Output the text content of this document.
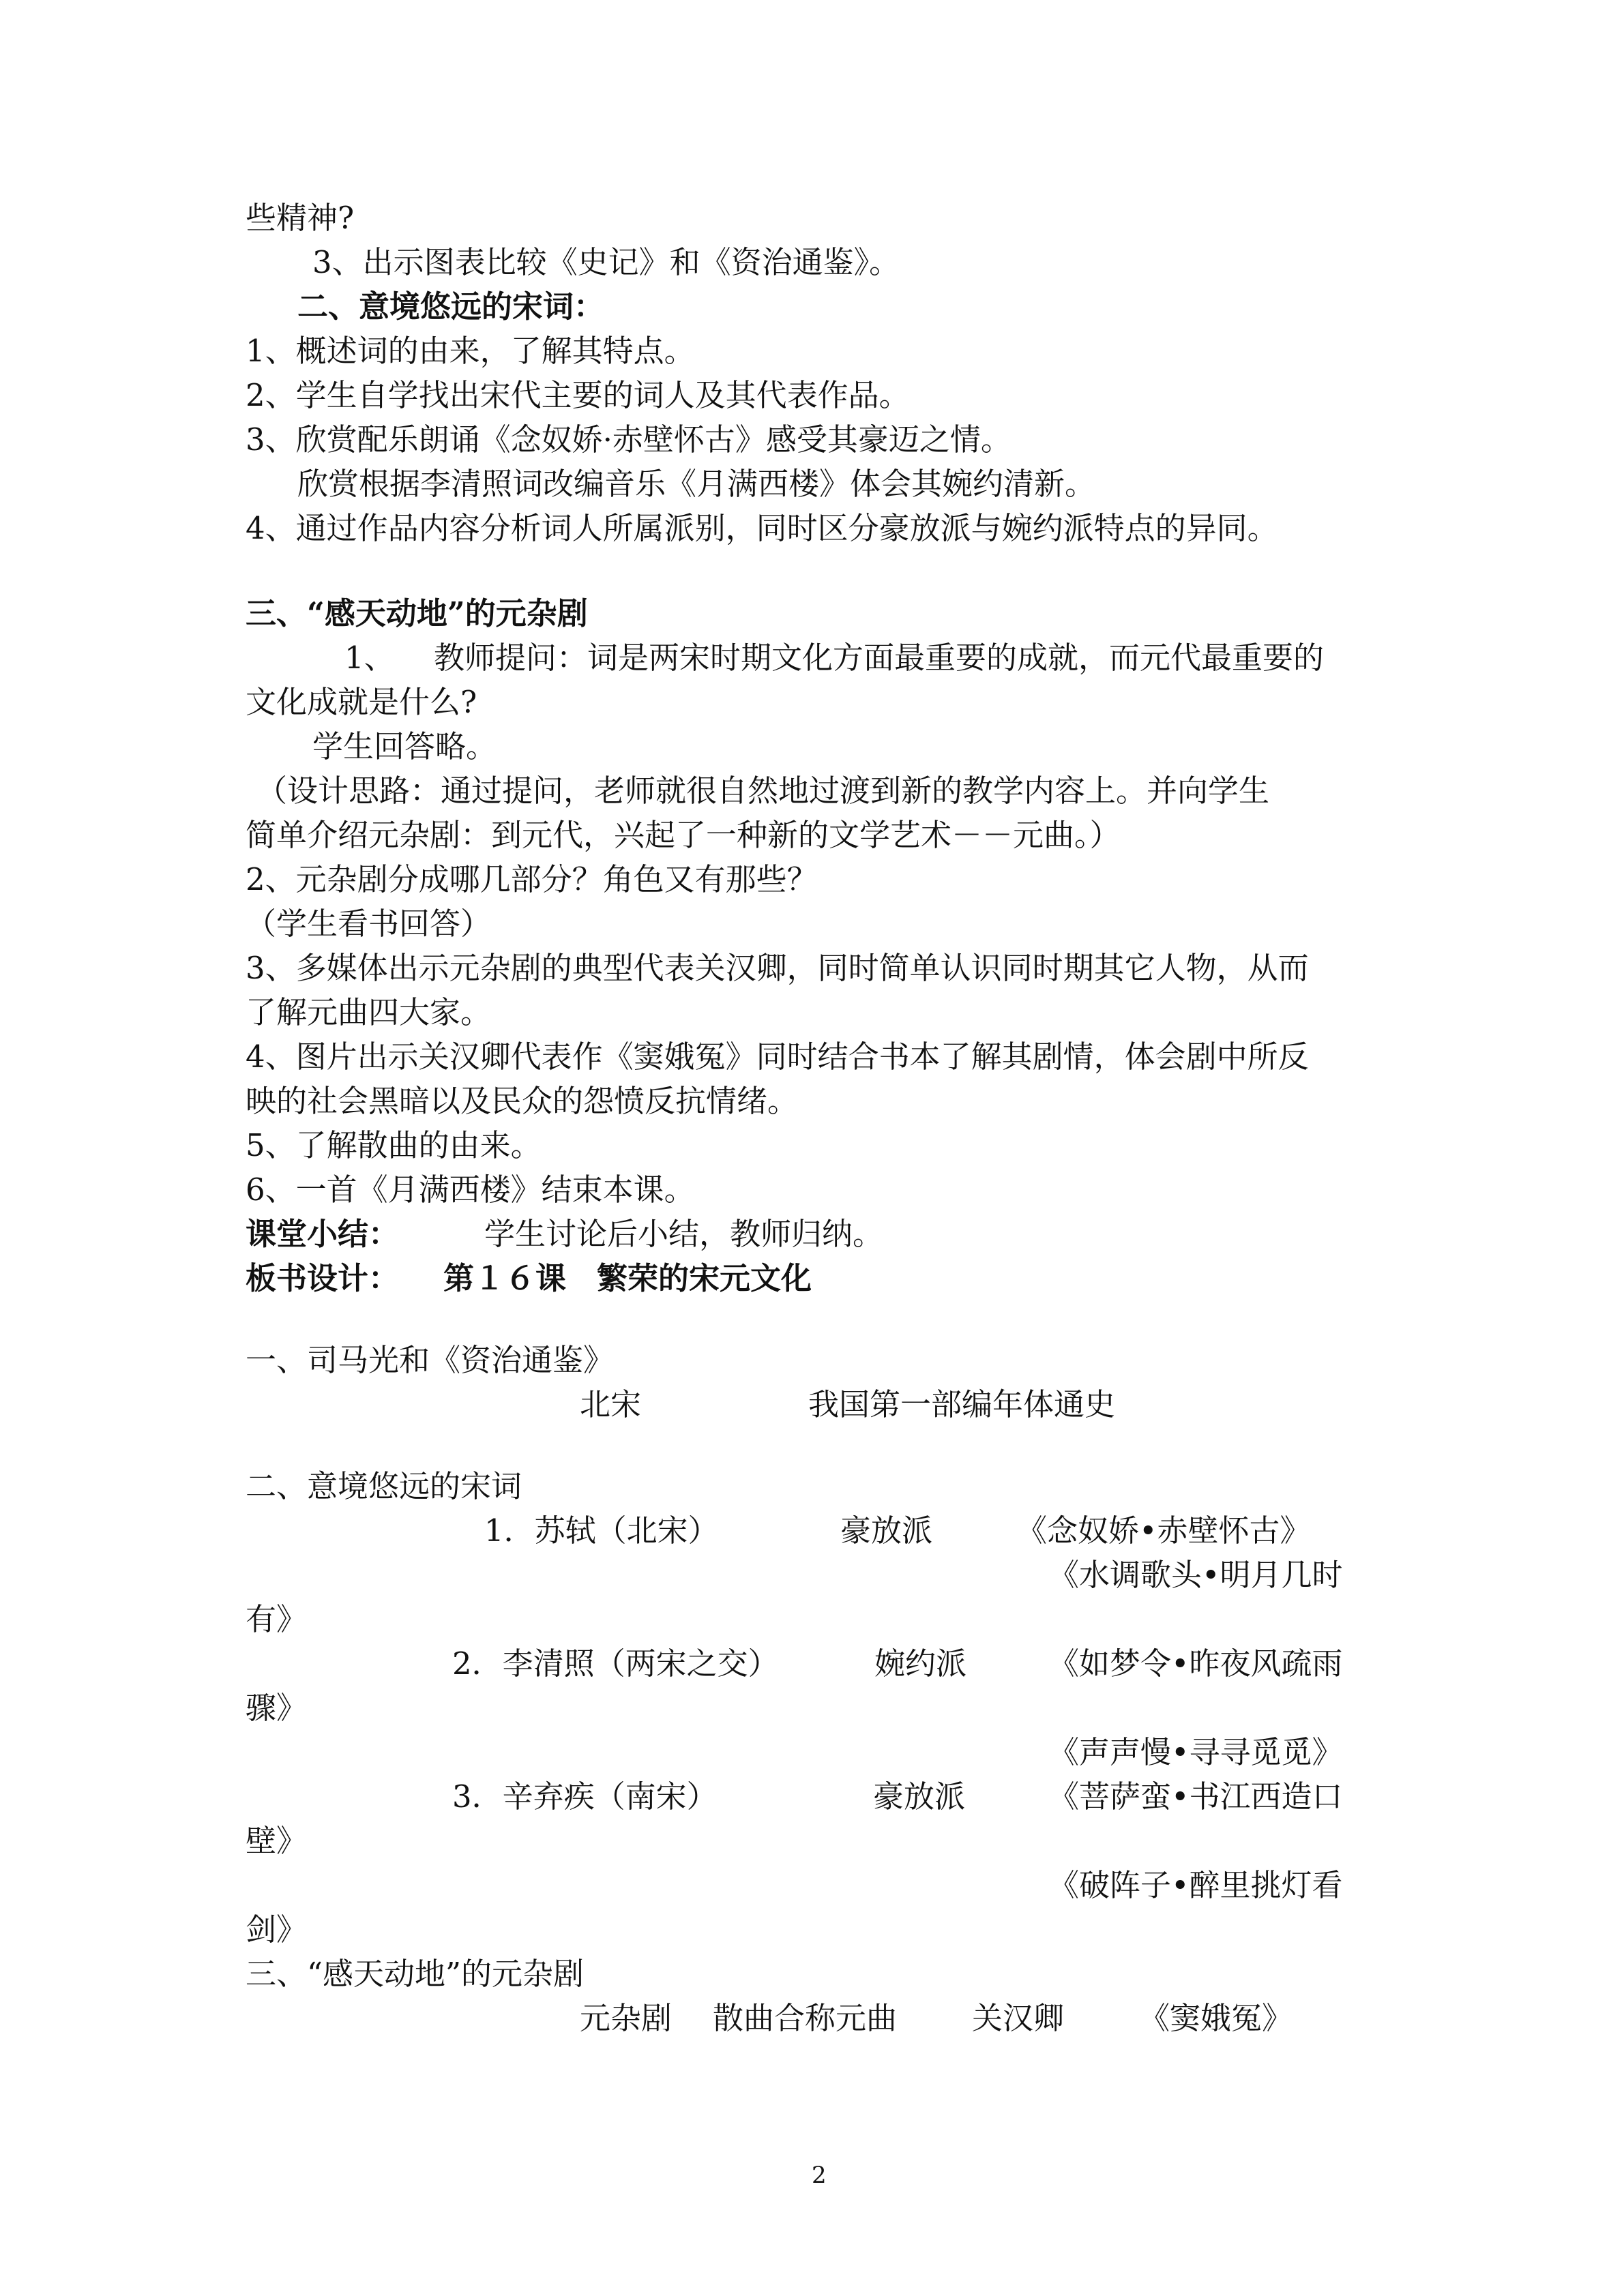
些精神?
3、出示图表比较《史记》和《资治通鉴》。
二、意境悠远的宋词：
1、概述词的由来，了解其特点。
2、学生自学找出宋代主要的词人及其代表作品。
3、欣赏配乐朗诵《念奴娇·赤壁怀古》感受其豪迈之情。
欣赏根据李清照词改编音乐《月满西楼》体会其婉约清新。
4、通过作品内容分析词人所属派别，同时区分豪放派与婉约派特点的异同。
三、“感天动地”的元杂剧
1、 教师提问：词是两宋时期文化方面最重要的成就，而元代最重要的
文化成就是什么?
学生回答略。
（设计思路：通过提问，老师就很自然地过渡到新的教学内容上。并向学生
简单介绍元杂剧：到元代，兴起了一种新的文学艺术－－元曲。）
2、元杂剧分成哪几部分？角色又有那些？
（学生看书回答）
3、多媒体出示元杂剧的典型代表关汉卿，同时简单认识同时期其它人物，从而
了解元曲四大家。
4、图片出示关汉卿代表作《窦娥冤》同时结合书本了解其剧情，体会剧中所反
映的社会黑暗以及民众的怨愤反抗情绪。
5、了解散曲的由来。
6、一首《月满西楼》结束本课。
课堂小结：	学生讨论后小结，教师归纳。
板书设计： 第１６课　繁荣的宋元文化
一、司马光和《资治通鉴》
北宋	我国第一部编年体通史
二、意境悠远的宋词
1．苏轼（北宋）	豪放派	《念奴娇•赤壁怀古》
《水调歌头•明月几时
有》
2．李清照（两宋之交）	婉约派	《如梦令•昨夜风疏雨
骤》
《声声慢•寻寻觅觅》
3．辛弃疾（南宋）	豪放派	《菩萨蛮•书江西造口
壁》
《破阵子•醉里挑灯看
剑》
三、“感天动地”的元杂剧
元杂剧 散曲合称元曲 关汉卿 《窦娥冤》
2
